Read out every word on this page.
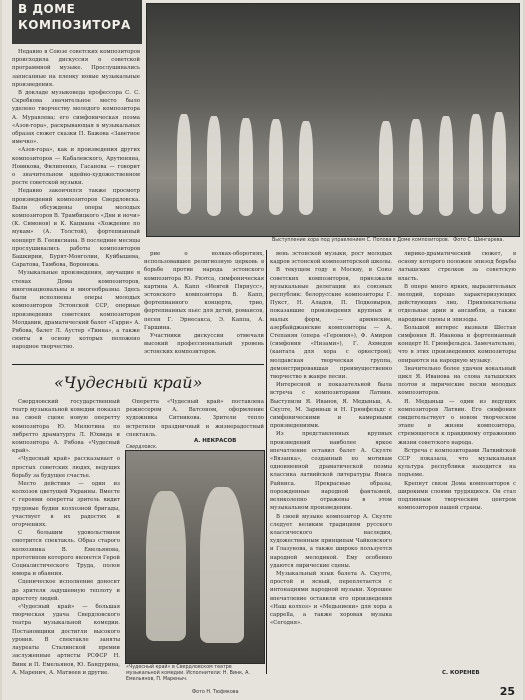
В ДОМЕ
КОМПОЗИТОРА
Выступление хора под управлением С. Попова в Доме композиторов. Фото С. Шингарева.

Недавно в Союзе советских композиторов происходила дискуссия о советской программной музыке. Прослушивались записанные на пленку новые музыкальные произведения.

В докладе музыковеда профессора С. С. Скребкова значительное место было уделено творчеству молодого композитора А. Муравлева; его симфоническая поэма «Азов-гора», раскрывающая в музыкальных образах сюжет сказки П. Бажова «Заветное имечко».

«Азов-гора», как и произведения других композиторов — Кабалевского, Арутюняна, Новикова, Филипенко, Гасанова — говорит о значительном идейно-художественном росте советской музыки.

Недавно закончился также просмотр произведений композиторов Свердловска. Были обсуждены оперы молодых композиторов В. Трамбицкого «Дни и ночи» (К. Симонов) и К. Кацмана «Хождение по мукам» (А. Толстой), фортепианный концерт В. Геевксиана. В последние месяцы прослушивались работы композиторов Башкирии, Бурят-Монголии, Куйбышева, Саратова, Тамбова, Воронежа.

Музыкальные произведения, звучащие в стенах Дома композиторов, многонациональны и многообразны. Здесь были исполнены оперы молодых композиторов Эстонской ССР, оперные произведения советских композиторов Молдавии, драматический балет «Гарри» А. Рябова, балет Л. Аустер «Тиина», а также сюиты в основу которых положено народное творчество.

рие о волках-оборотнях, использовавшее религиозную церковь в борьбе против народа эстонского композитора Ю. Ряэтса, симфоническая картина А. Капп «Иевгей Пярнусс», эстонского композитора В. Капп, фортепианного концерта, трио, фортепианных пьес для детей, романсов, песен Г. Эрнесакса, Э. Каппа, А. Гаршина.

Участники дискуссии отмечали высокий профессиональный уровень эстонских композиторов.

вень эстонской музыки, рост молодых кадров эстонской композиторской школы.

В текущем году в Москву, в Союз советских композиторов, приезжали музыкальные делегации из союзных республик: белорусские композиторы Г. Пукст, Н. Аладов, П. Подковыров, показавшие произведения крупных и малых форм, — армянские, азербайджанские композиторы — А. Степанян (опера «Героиня»), Ф. Амиров (симфония «Низами»), Г. Ахмедов (кантата для хора с оркестром); молдавская творческая группа, демонстрировавшая преимущественно творчество в жанре песни.

Интересной и показательной была встреча с композиторами Латвии. Выступили Я. Иванов, Я. Медыньш, А. Скулте, М. Зариньш и Н. Грюнфельдс с симфоническими и камерными произведениями.

Из представленных крупных произведений наиболее яркое впечатление оставил балет А. Скулте «Вязанка», созданный по мотивам одноименной драматической поэмы классика латвийской литературы Яниса Райниса. Прекрасные образы, порожденные народной фантазией, великолепно отражены в этом музыкальном произведении.

В своей музыке композитор А. Скулте следует великим традициям русского классического наследия, художественным принципам Чайковского и Глазунова, а также широко пользуется народной мелодикой. Ему особенно удаются лирические сцены.

Музыкальный язык балета А. Скулте, простой и ясный, переплетается с интонациями народной музыки. Хорошее впечатление оставили его произведения «Наш колхоз» и «Медьниеки» для хора a cappella, а также хоровая музыка «Сегодня».

лирико-драматический сюжет, в основу которого положен эпизод борьбы латышских стрелков за советскую власть.

В опере много ярких, выразительных мелодий, хорошо характеризующих действующих лиц. Привлекательны отдельные арии и ансамбли, а также народные сцены и эпизоды.

Большой интерес вызвали Шестая симфония Я. Иванова и фортепианный концерт Н. Грюнфельдса. Замечательно, что в этих произведениях композиторы опираются на народную музыку.

Значительно более удачен вокальный цикл Я. Иванова на слова латышских поэтов и лирические песни молодых композиторов.

Я. Медыньш — один из ведущих композиторов Латвии. Его симфония свидетельствует о новом творческом этапе в жизни композитора, стремящегося к правдивому отражению жизни советского народа.

Встреча с композиторами Латвийской ССР показала, что музыкальная культура республики находится на подъеме.

Крепнут связи Дома композиторов с широкими слоями трудящихся. Он стал подлинным творческим центром композиторов нашей страны.

С. КОРЕНЕВ
«Чудесный край»

Свердловский государственный театр музыкальной комедии показал на своей сцене новую оперетту композитора Ю. Милютина по либретто драматурга Л. Юхвида и композитора А. Рябова «Чудесный край».

«Чудесный край» рассказывает о простых советских людях, ведущих борьбу за будущее счастье.

Место действия — один из колхозов цветущей Украины. Вместе с героями оперетты зритель видит трудовые будни колхозной бригады, участвует в их радостях и огорчениях.

С большим удовольствием смотрится спектакль. Образ старого колхозника В. Емельянова, прототипом которого является Герой Социалистического Труда, полон юмора и обаяния.

Сценическое исполнение доносит до зрителя задушевную теплоту и простоту людей.

«Чудесный край» — большая творческая удача Свердловского театра музыкальной комедии. Постановщики достигли высокого уровня. В спектакле заняты лауреаты Сталинской премии заслуженные артисты РСФСР Н. Винк и П. Емельянов, Ю. Бандурина, А. Маренич, А. Матвеев и другие.

Оперетта «Чудесный край» поставлена режиссером А. Ватсоном, оформление художника Ситникова. Зрители тепло встретили праздничный и жизнерадостный спектакль.

А. НЕКРАСОВ
Свердловск.
«Чудесный край» в Свердловском театре музыкальной комедии. Исполнители: Н. Винк, А. Емельянов, П. Мареныч.
Фото Н. Тюфякова	25
